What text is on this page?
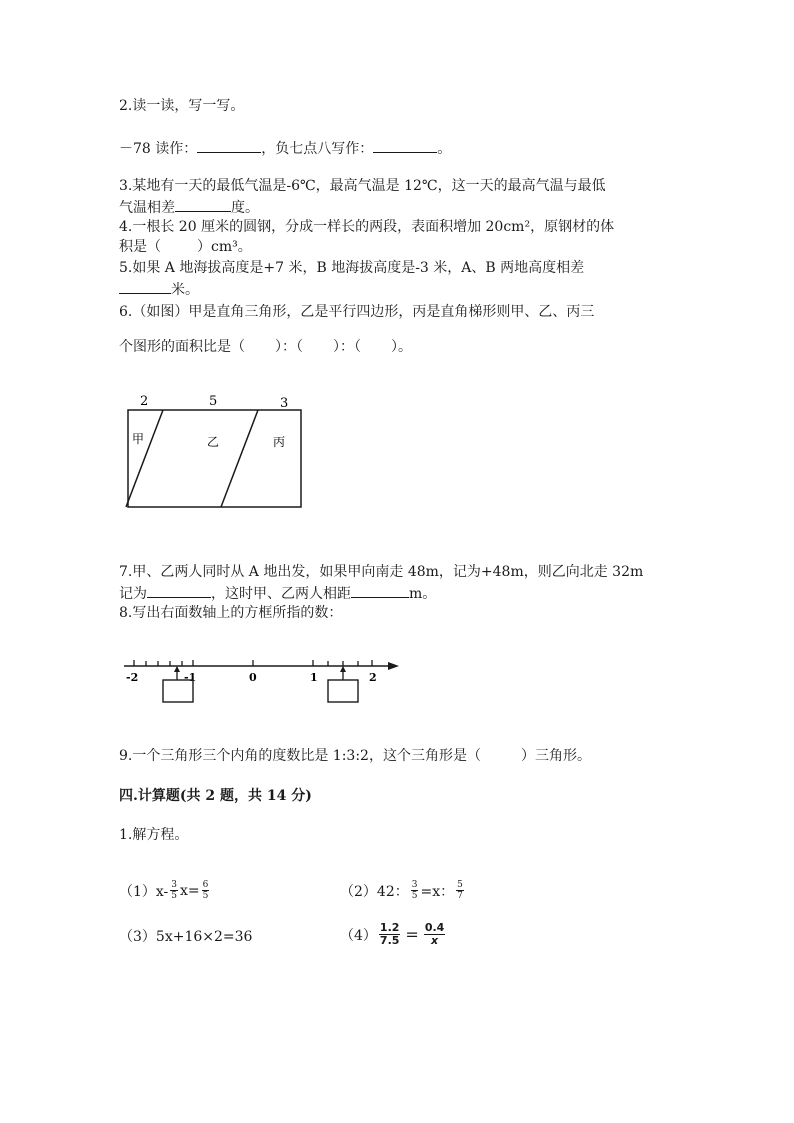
2.读一读，写一写。
－78 读作：	，负七点八写作：	。
3.某地有一天的最低气温是-6℃，最高气温是 12℃，这一天的最高气温与最低
气温相差	度。
4.一根长 20 厘米的圆钢，分成一样长的两段，表面积增加 20cm²，原钢材的体
积是（	）cm³。
5.如果 A 地海拔高度是+7 米，B 地海拔高度是-3 米，A、B 两地高度相差
米。
6.（如图）甲是直角三角形，乙是平行四边形，丙是直角梯形则甲、乙、丙三
个图形的面积比是（ ）：（ ）：（ ）。
2	5	3
甲	乙	丙
7.甲、乙两人同时从 A 地出发，如果甲向南走 48m，记为+48m，则乙向北走 32m
记为	，这时甲、乙两人相距	m。
8.写出右面数轴上的方框所指的数：
-2	-1	0	1	2
9.一个三角形三个内角的度数比是 1:3:2，这个三角形是（	）三角形。
四.计算题(共 2 题，共 14 分)
1.解方程。
$(1)x- \frac{3}{5} x= \frac{6}{5}$	（2）42： $\frac{3}{5} =x$： $\frac{5}{7}$
（3）5x+16×2=36	$(4) \frac{1.2}{7.5} = \frac{0.4}{x}$
